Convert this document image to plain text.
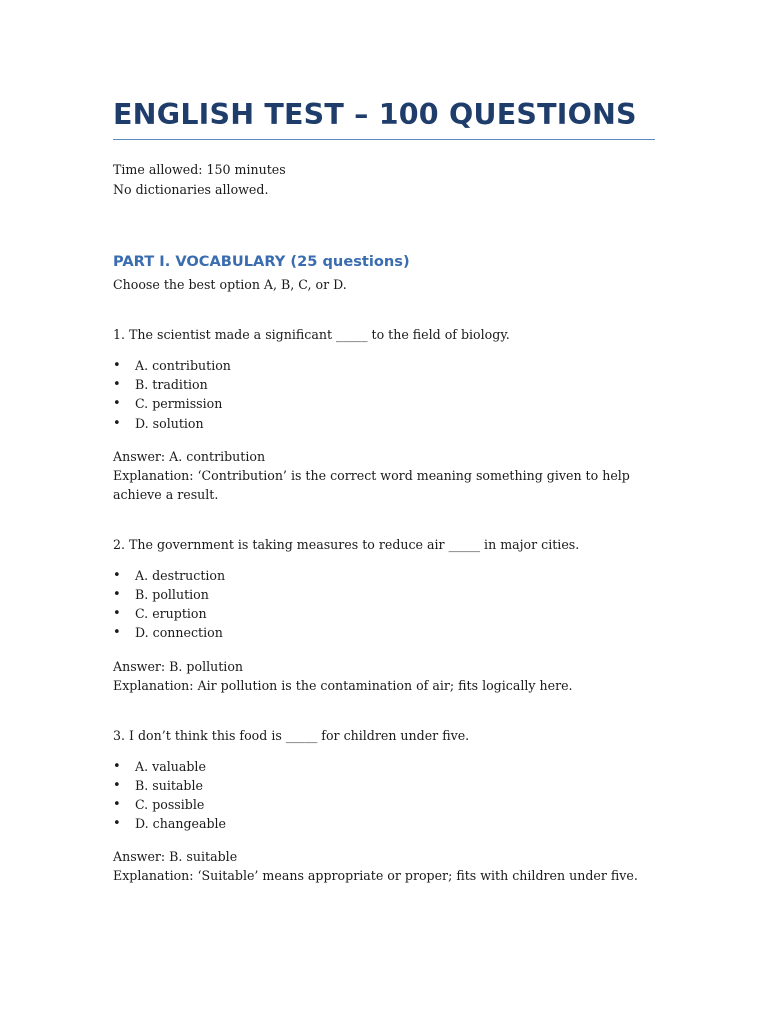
ENGLISH TEST – 100 QUESTIONS

Time allowed: 150 minutes

No dictionaries allowed.

PART I. VOCABULARY (25 questions)

Choose the best option A, B, C, or D.

1. The scientist made a significant _____ to the field of biology.

• A. contribution
• B. tradition
• C. permission
• D. solution

Answer: A. contribution

Explanation: ‘Contribution’ is the correct word meaning something given to help achieve a result.

2. The government is taking measures to reduce air _____ in major cities.

• A. destruction
• B. pollution
• C. eruption
• D. connection

Answer: B. pollution

Explanation: Air pollution is the contamination of air; fits logically here.

3. I don’t think this food is _____ for children under five.

• A. valuable
• B. suitable
• C. possible
• D. changeable

Answer: B. suitable

Explanation: ‘Suitable’ means appropriate or proper; fits with children under five.
